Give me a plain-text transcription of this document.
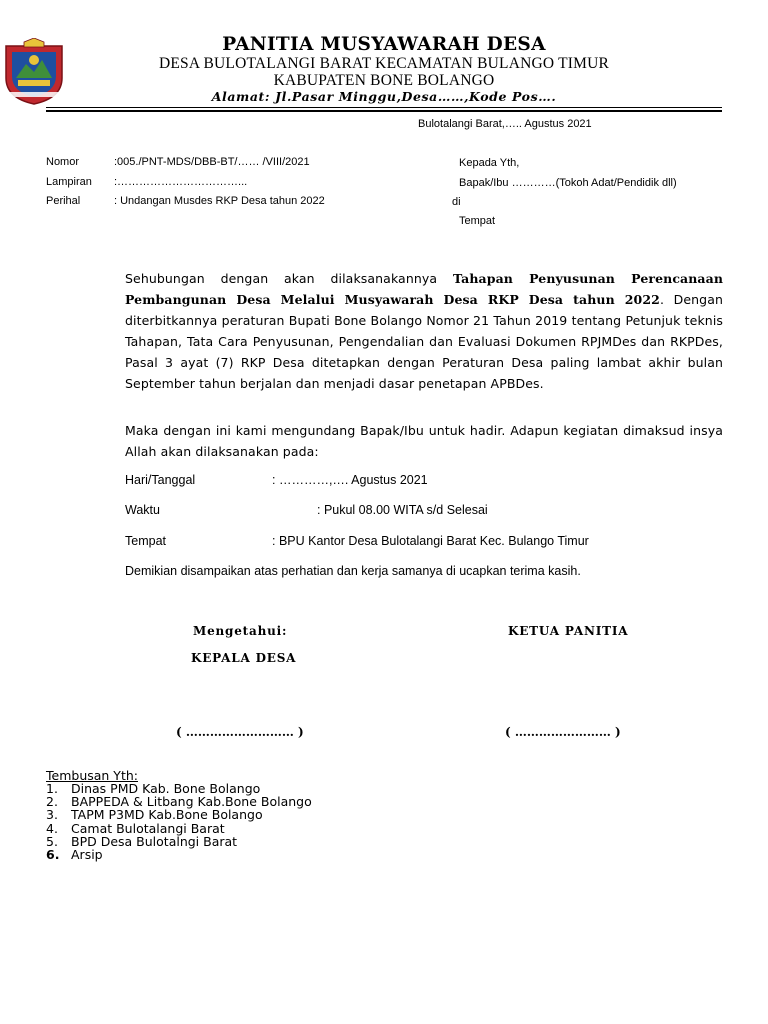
PANITIA MUSYAWARAH DESA
DESA BULOTALANGI BARAT KECAMATAN BULANGO TIMUR
KABUPATEN BONE BOLANGO
Alamat: Jl.Pasar Minggu,Desa……,Kode Pos….
Bulotalangi Barat,….. Agustus 2021
Nomor	:005./PNT-MDS/DBB-BT/…… /VIII/2021
Lampiran :……………………………...
Perihal	: Undangan Musdes RKP Desa tahun 2022
Kepada Yth,
Bapak/Ibu …………(Tokoh Adat/Pendidik dll)
di
Tempat
Sehubungan dengan akan dilaksanakannya Tahapan Penyusunan Perencanaan Pembangunan Desa Melalui Musyawarah Desa RKP Desa tahun 2022. Dengan diterbitkannya peraturan Bupati Bone Bolango Nomor 21 Tahun 2019 tentang Petunjuk teknis Tahapan, Tata Cara Penyusunan, Pengendalian dan Evaluasi Dokumen RPJMDes dan RKPDes, Pasal 3 ayat (7) RKP Desa ditetapkan dengan Peraturan Desa paling lambat akhir bulan September tahun berjalan dan menjadi dasar penetapan APBDes.
Maka dengan ini kami mengundang Bapak/Ibu untuk hadir. Adapun kegiatan dimaksud insya Allah akan dilaksanakan pada:
Hari/Tanggal	: …………,…. Agustus 2021
Waktu	: Pukul 08.00 WITA s/d Selesai
Tempat	: BPU Kantor Desa Bulotalangi Barat Kec. Bulango Timur
Demikian disampaikan atas perhatian dan kerja samanya di ucapkan terima kasih.
Mengetahui:
KEPALA DESA
KETUA PANITIA
( ……………………… )	( …………………… )
Tembusan Yth:
1. Dinas PMD Kab. Bone Bolango
2. BAPPEDA & Litbang Kab.Bone Bolango
3. TAPM P3MD Kab.Bone Bolango
4. Camat Bulotalangi Barat
5. BPD Desa Bulotalngi Barat
6. Arsip
